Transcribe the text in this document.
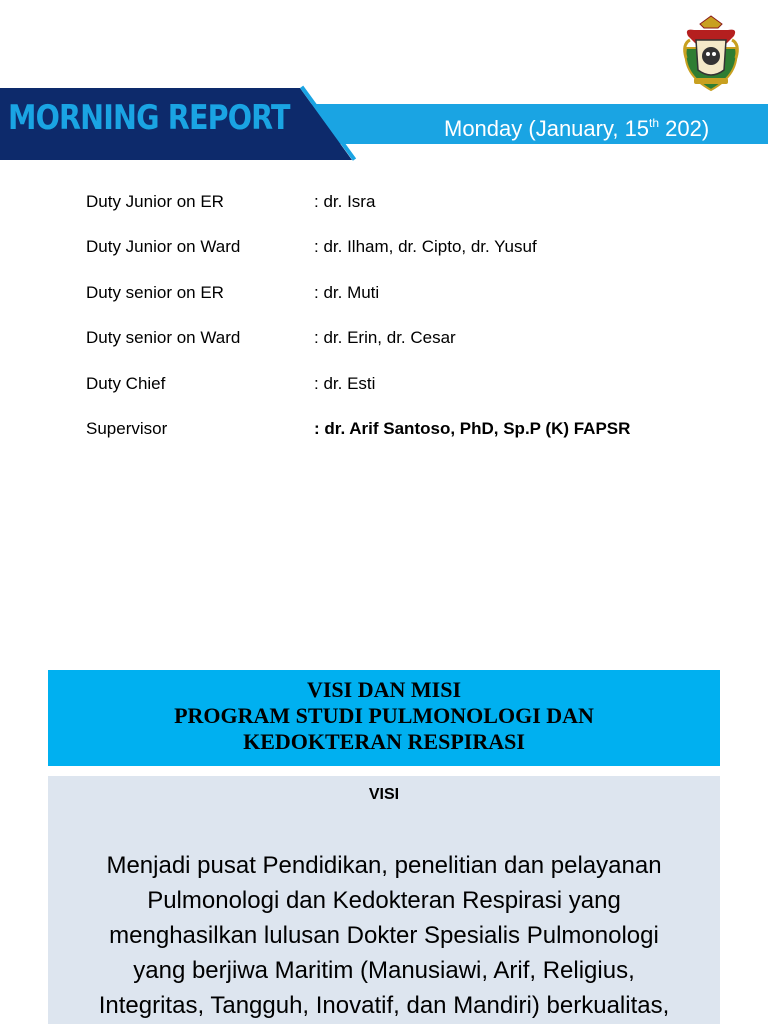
MORNING REPORT	Monday (January, 15th 202)
Duty Junior on ER	: dr. Isra
Duty Junior on Ward	: dr. Ilham, dr. Cipto, dr. Yusuf
Duty senior on ER	: dr. Muti
Duty senior on Ward	: dr. Erin, dr. Cesar
Duty Chief	: dr. Esti
Supervisor	: dr. Arif Santoso, PhD, Sp.P (K) FAPSR
VISI DAN MISI
PROGRAM STUDI PULMONOLOGI DAN
KEDOKTERAN RESPIRASI
VISI
Menjadi pusat Pendidikan, penelitian dan pelayanan
Pulmonologi dan Kedokteran Respirasi yang
menghasilkan lulusan Dokter Spesialis Pulmonologi
yang berjiwa Maritim (Manusiawi, Arif, Religius,
Integritas, Tangguh, Inovatif, dan Mandiri) berkualitas,
